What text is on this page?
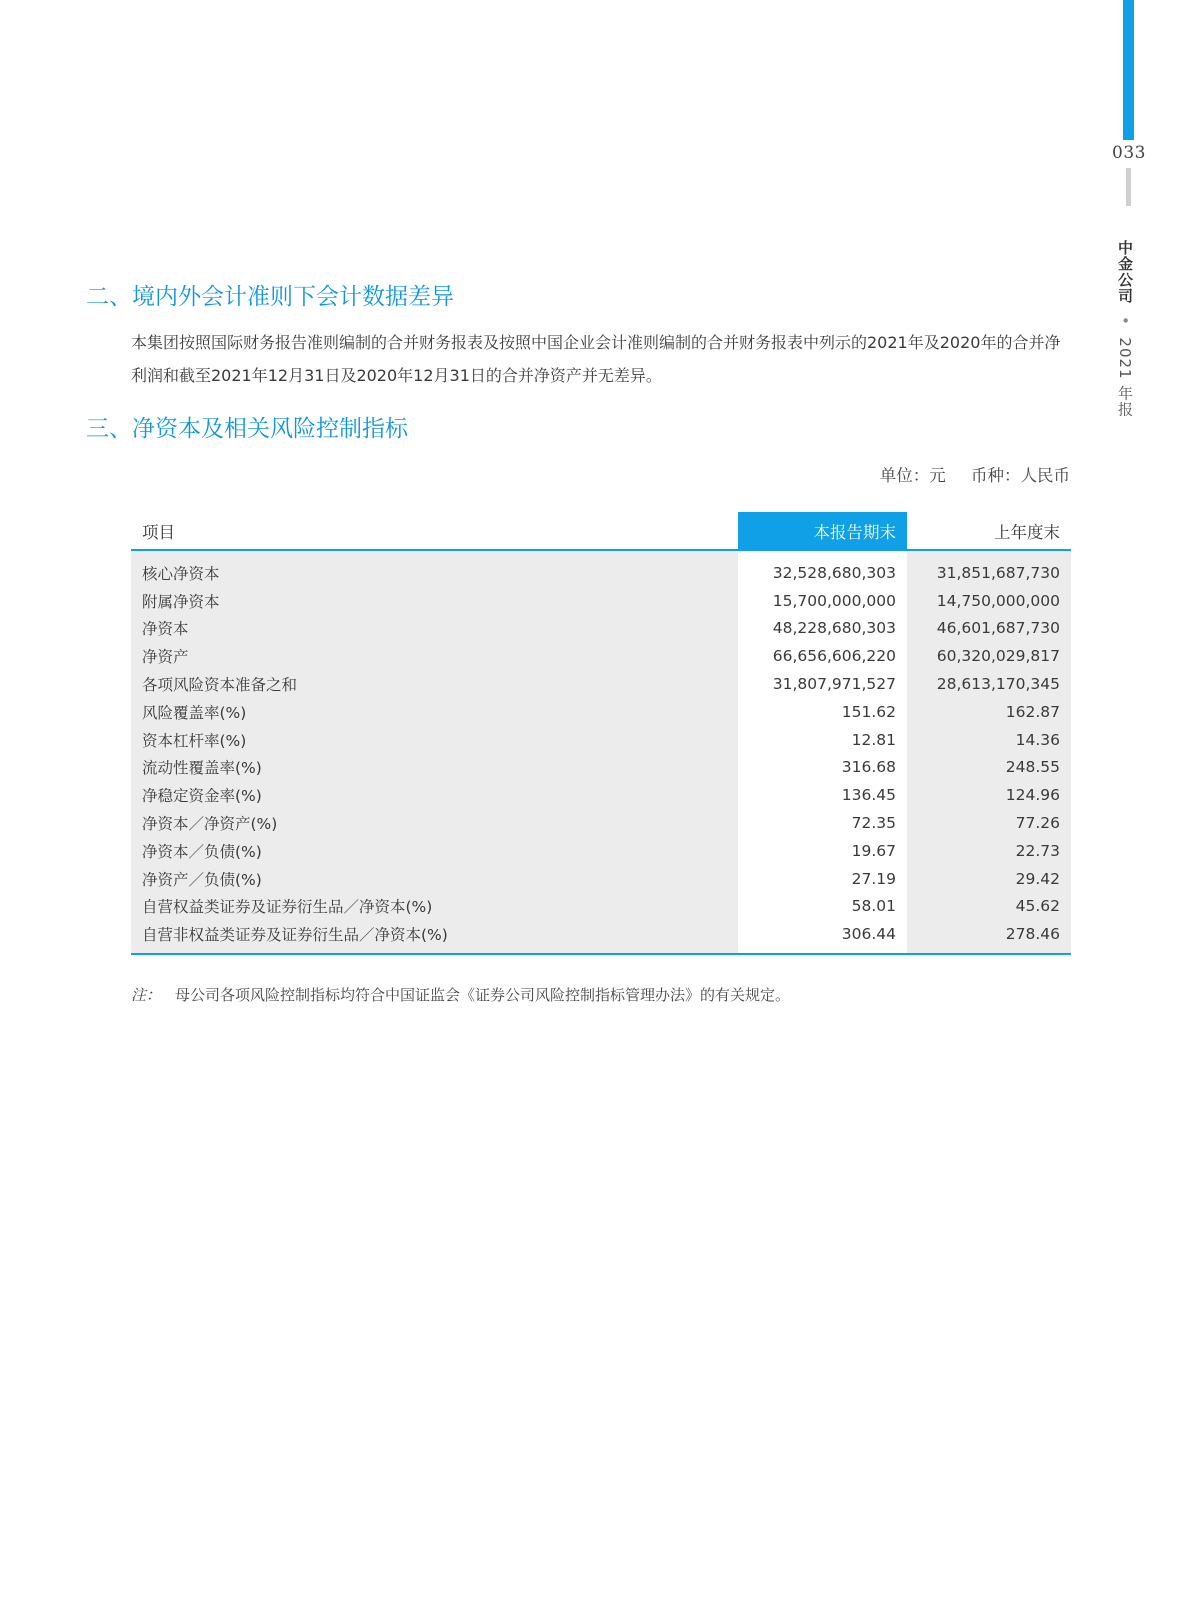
033
中金公司 • 2021 年报
二、境内外会计准则下会计数据差异

本集团按照国际财务报告准则编制的合并财务报表及按照中国企业会计准则编制的合并财务报表中列示的2021年及2020年的合并净利润和截至2021年12月31日及2020年12月31日的合并净资产并无差异。

三、净资本及相关风险控制指标
单位：元 币种：人民币
项目	本报告期末	上年度末
核心净资本	32,528,680,303	31,851,687,730
附属净资本	15,700,000,000	14,750,000,000
净资本	48,228,680,303	46,601,687,730
净资产	66,656,606,220	60,320,029,817
各项风险资本准备之和	31,807,971,527	28,613,170,345
风险覆盖率(%)	151.62	162.87
资本杠杆率(%)	12.81	14.36
流动性覆盖率(%)	316.68	248.55
净稳定资金率(%)	136.45	124.96
净资本／净资产(%)	72.35	77.26
净资本／负债(%)	19.67	22.73
净资产／负债(%)	27.19	29.42
自营权益类证券及证券衍生品／净资本(%)	58.01	45.62
自营非权益类证券及证券衍生品／净资本(%)	306.44	278.46
注： 母公司各项风险控制指标均符合中国证监会《证券公司风险控制指标管理办法》的有关规定。
